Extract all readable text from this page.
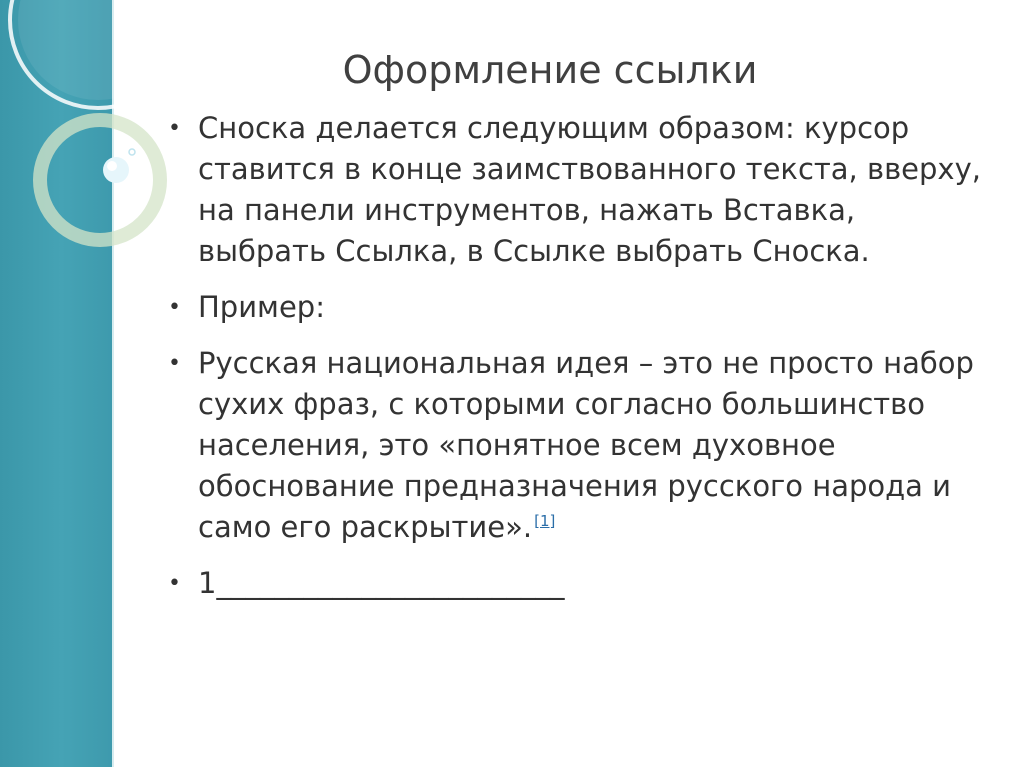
Оформление ссылки
• Сноска делается следующим образом: курсор ставится в конце заимствованного текста, вверху, на панели инструментов, нажать Вставка, выбрать Ссылка, в Ссылке выбрать Сноска.
• Пример:
• Русская национальная идея – это не просто набор сухих фраз, с которыми согласно большинство населения, это «понятное всем духовное обоснование предназначения русского народа и само его раскрытие». [1]
• 1________________________
